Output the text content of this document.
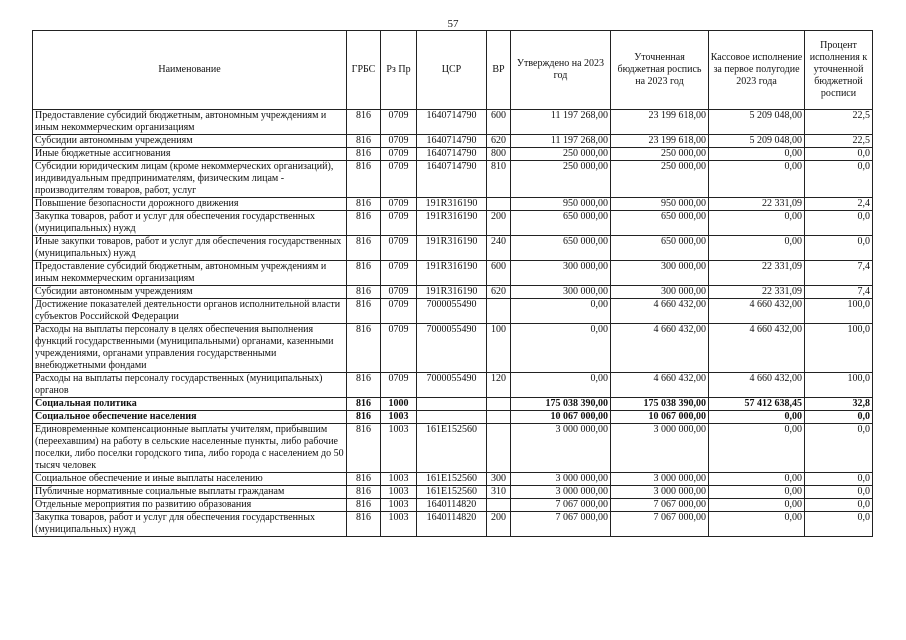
57
Наименование	ГРБС	Рз Пр	ЦСР	ВР	Утверждено на 2023 год	Уточненная бюджетная роспись на 2023 год	Кассовое исполнение за первое полугодие 2023 года	Процент исполнения к уточненной бюджетной росписи
Предоставление субсидий бюджетным, автономным учреждениям и иным некоммерческим организациям	816	0709	1640714790	600	11 197 268,00	23 199 618,00	5 209 048,00	22,5
Субсидии автономным учреждениям	816	0709	1640714790	620	11 197 268,00	23 199 618,00	5 209 048,00	22,5
Иные бюджетные ассигнования	816	0709	1640714790	800	250 000,00	250 000,00	0,00	0,0
Субсидии юридическим лицам (кроме некоммерческих организаций), индивидуальным предпринимателям, физическим лицам - производителям товаров, работ, услуг	816	0709	1640714790	810	250 000,00	250 000,00	0,00	0,0
Повышение безопасности дорожного движения	816	0709	191R316190		950 000,00	950 000,00	22 331,09	2,4
Закупка товаров, работ и услуг для обеспечения государственных (муниципальных) нужд	816	0709	191R316190	200	650 000,00	650 000,00	0,00	0,0
Иные закупки товаров, работ и услуг для обеспечения государственных (муниципальных) нужд	816	0709	191R316190	240	650 000,00	650 000,00	0,00	0,0
Предоставление субсидий бюджетным, автономным учреждениям и иным некоммерческим организациям	816	0709	191R316190	600	300 000,00	300 000,00	22 331,09	7,4
Субсидии автономным учреждениям	816	0709	191R316190	620	300 000,00	300 000,00	22 331,09	7,4
Достижение показателей деятельности органов исполнительной власти субъектов Российской Федерации	816	0709	7000055490		0,00	4 660 432,00	4 660 432,00	100,0
Расходы на выплаты персоналу в целях обеспечения выполнения функций государственными (муниципальными) органами, казенными учреждениями, органами управления государственными внебюджетными фондами	816	0709	7000055490	100	0,00	4 660 432,00	4 660 432,00	100,0
Расходы на выплаты персоналу государственных (муниципальных) органов	816	0709	7000055490	120	0,00	4 660 432,00	4 660 432,00	100,0
Социальная политика	816	1000			175 038 390,00	175 038 390,00	57 412 638,45	32,8
Социальное обеспечение населения	816	1003			10 067 000,00	10 067 000,00	0,00	0,0
Единовременные компенсационные выплаты учителям, прибывшим (переехавшим) на работу в сельские населенные пункты, либо рабочие поселки, либо поселки городского типа, либо города с населением до 50 тысяч человек	816	1003	161E152560		3 000 000,00	3 000 000,00	0,00	0,0
Социальное обеспечение и иные выплаты населению	816	1003	161E152560	300	3 000 000,00	3 000 000,00	0,00	0,0
Публичные нормативные социальные выплаты гражданам	816	1003	161E152560	310	3 000 000,00	3 000 000,00	0,00	0,0
Отдельные мероприятия по развитию образования	816	1003	1640114820		7 067 000,00	7 067 000,00	0,00	0,0
Закупка товаров, работ и услуг для обеспечения государственных (муниципальных) нужд	816	1003	1640114820	200	7 067 000,00	7 067 000,00	0,00	0,0
